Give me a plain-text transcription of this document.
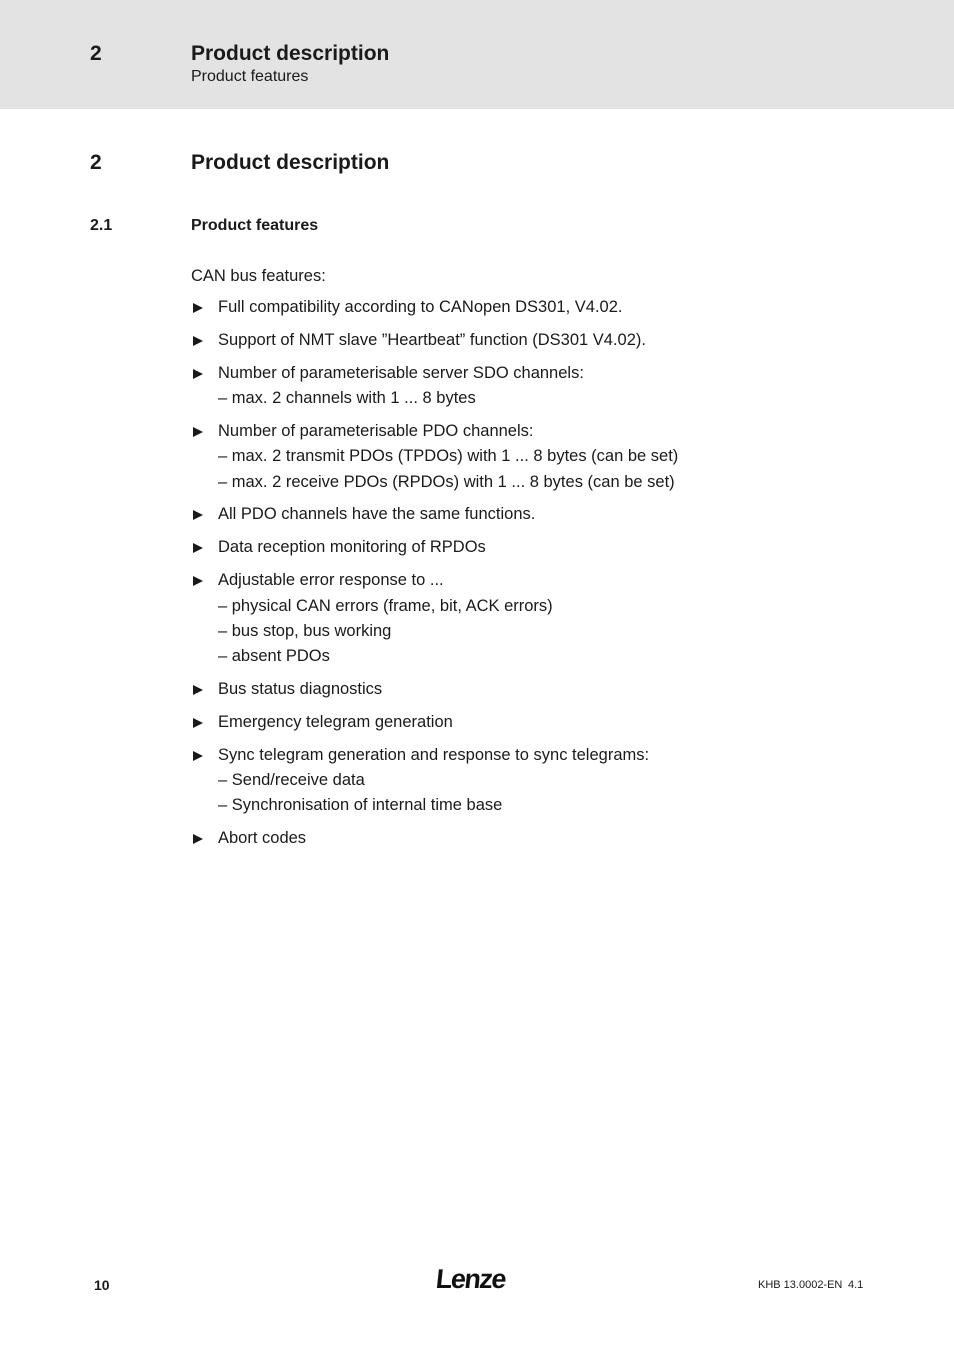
2	Product description
Product features
2	Product description
2.1	Product features

CAN bus features:

Full compatibility according to CANopen DS301, V4.02.
Support of NMT slave ”Heartbeat” function (DS301 V4.02).
Number of parameterisable server SDO channels:
– max. 2 channels with 1 ... 8 bytes
Number of parameterisable PDO channels:
– max. 2 transmit PDOs (TPDOs) with 1 ... 8 bytes (can be set)
– max. 2 receive PDOs (RPDOs) with 1 ... 8 bytes (can be set)
All PDO channels have the same functions.
Data reception monitoring of RPDOs
Adjustable error response to ...
– physical CAN errors (frame, bit, ACK errors)
– bus stop, bus working
– absent PDOs
Bus status diagnostics
Emergency telegram generation
Sync telegram generation and response to sync telegrams:
– Send/receive data
– Synchronisation of internal time base
Abort codes
10	Lenze	KHB 13.0002-EN 4.1
